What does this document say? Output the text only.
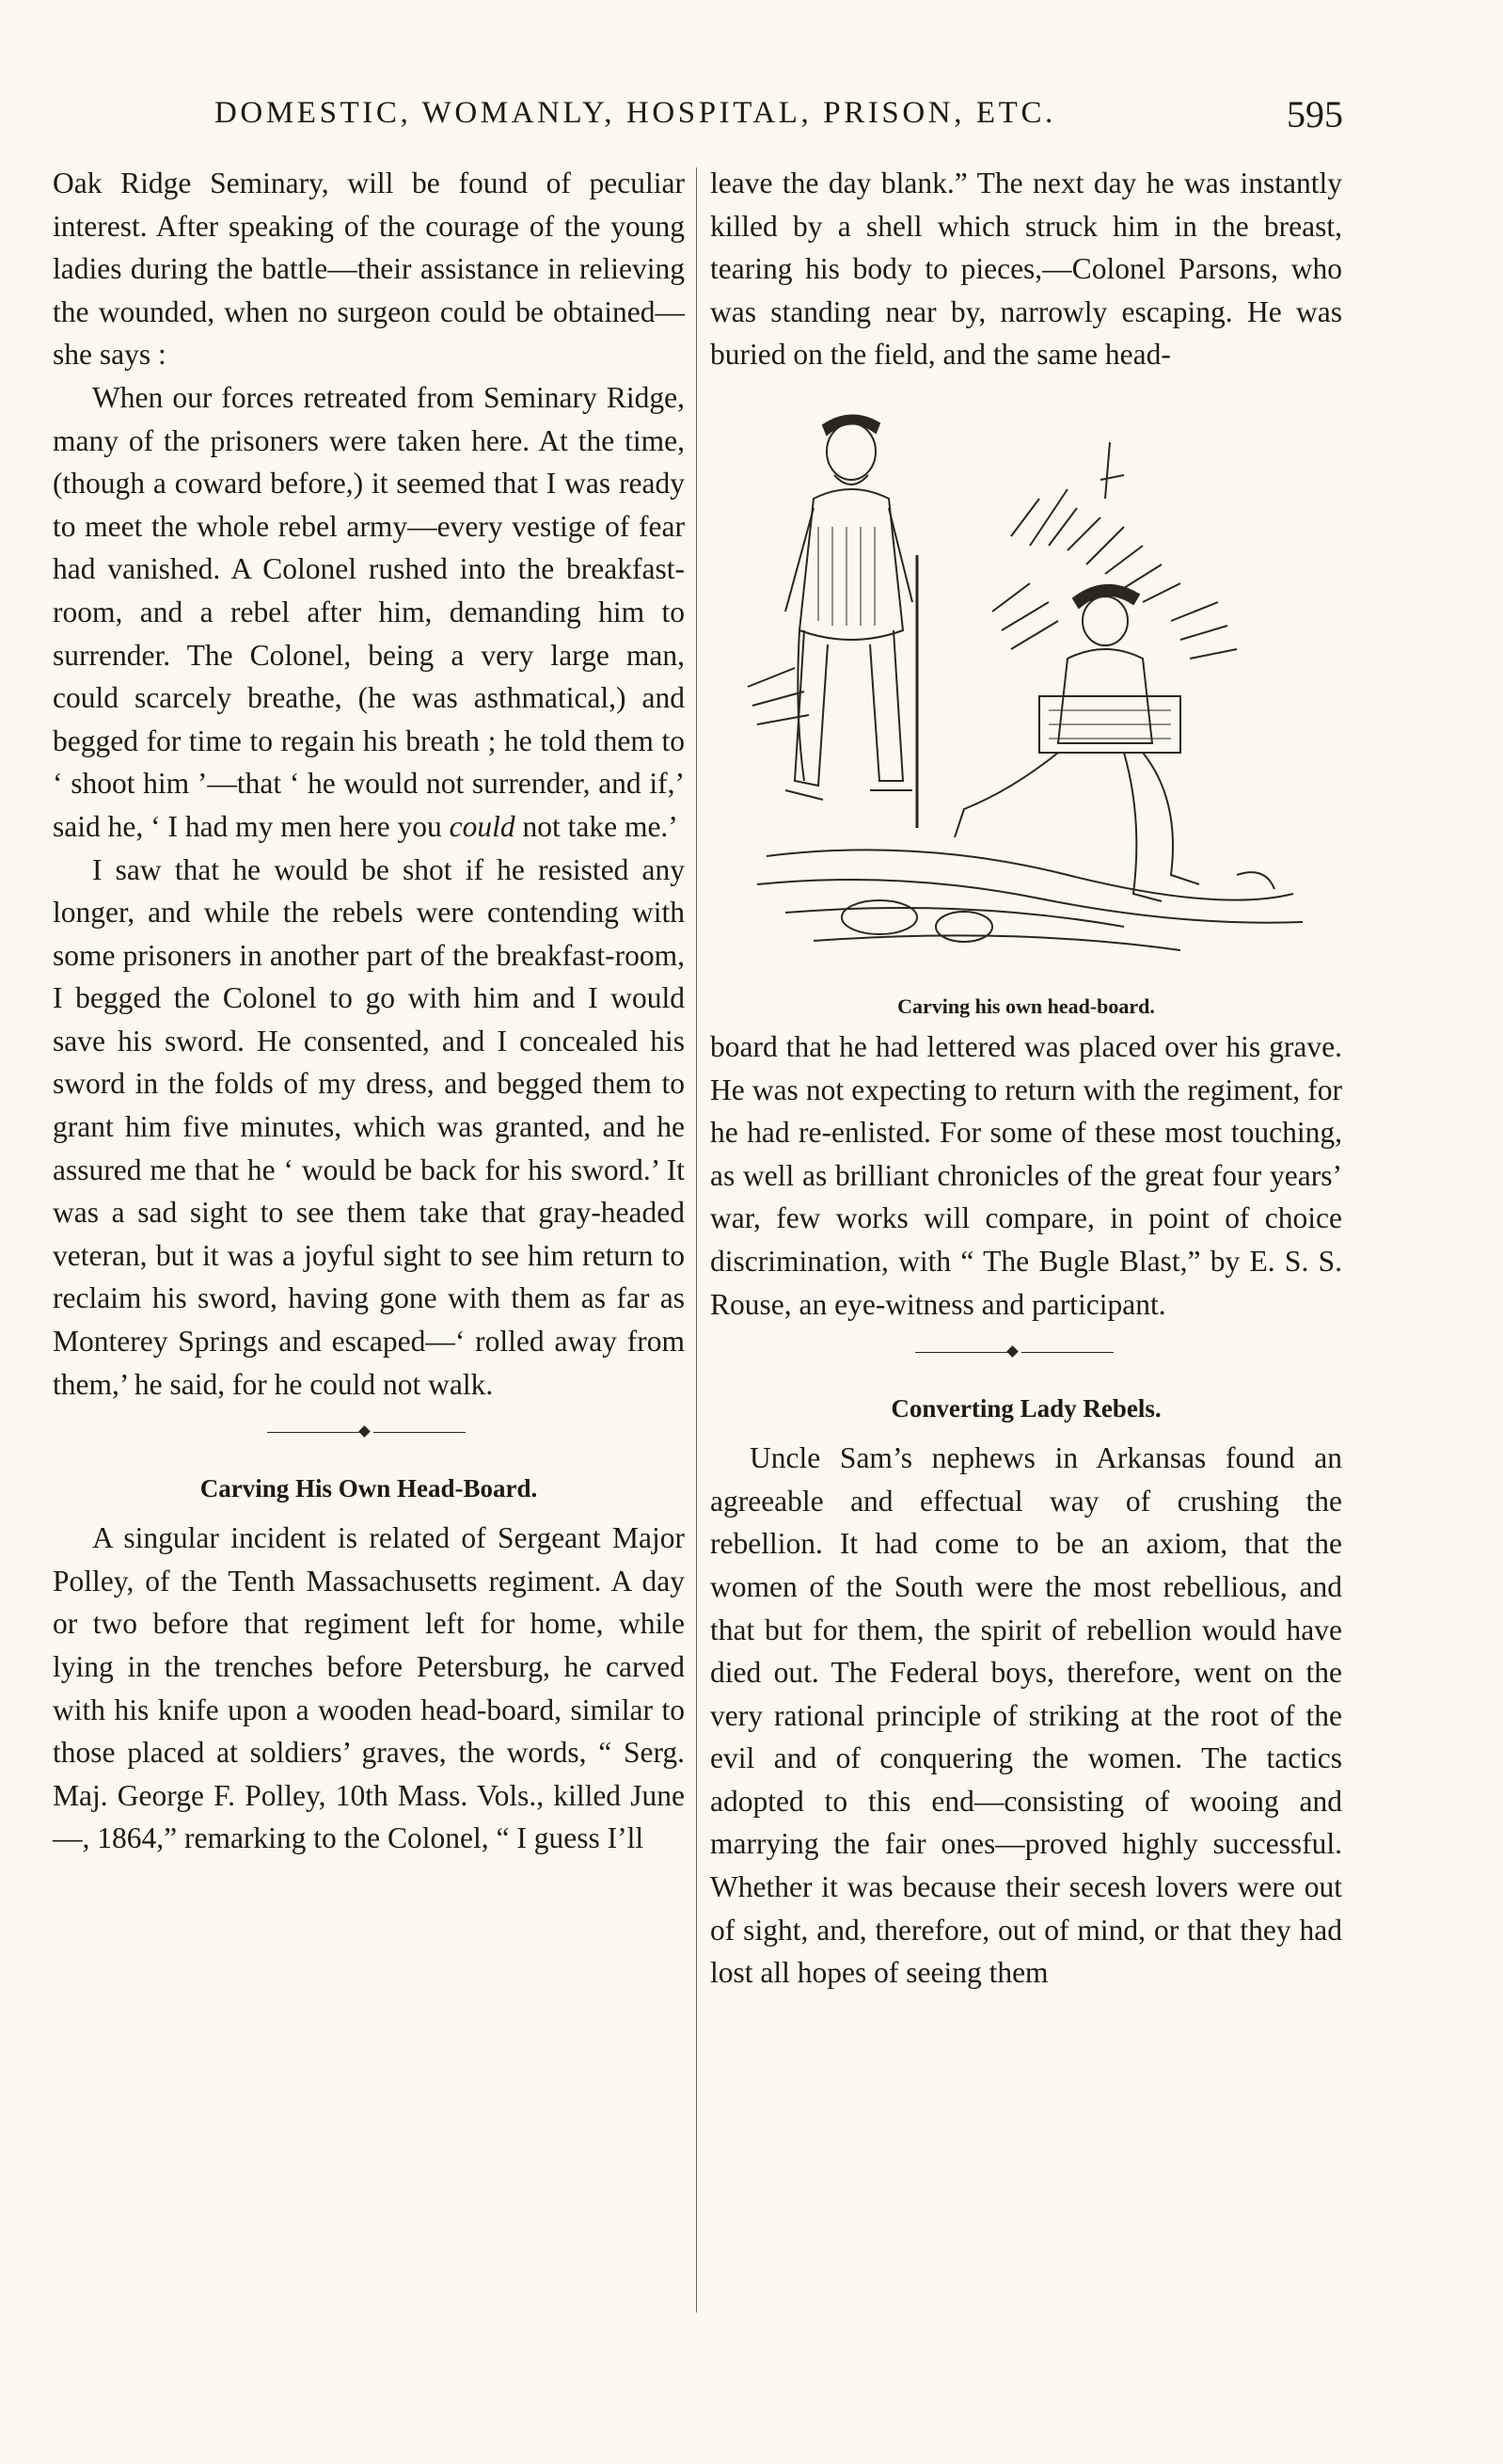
DOMESTIC, WOMANLY, HOSPITAL, PRISON, ETC.	595

Oak Ridge Seminary, will be found of peculiar interest. After speaking of the courage of the young ladies during the battle—their assistance in relieving the wounded, when no surgeon could be obtained—she says :

When our forces retreated from Seminary Ridge, many of the prisoners were taken here. At the time, (though a coward before,) it seemed that I was ready to meet the whole rebel army—every vestige of fear had vanished. A Colonel rushed into the breakfast-room, and a rebel after him, demanding him to surrender. The Colonel, being a very large man, could scarcely breathe, (he was asthmatical,) and begged for time to regain his breath ; he told them to ‘ shoot him ’—that ‘ he would not surrender, and if,’ said he, ‘ I had my men here you could not take me.’

I saw that he would be shot if he resisted any longer, and while the rebels were contending with some prisoners in another part of the breakfast-room, I begged the Colonel to go with him and I would save his sword. He consented, and I concealed his sword in the folds of my dress, and begged them to grant him five minutes, which was granted, and he assured me that he ‘ would be back for his sword.’ It was a sad sight to see them take that gray-headed veteran, but it was a joyful sight to see him return to reclaim his sword, having gone with them as far as Monterey Springs and escaped—‘ rolled away from them,’ he said, for he could not walk.

Carving His Own Head-Board.

A singular incident is related of Sergeant Major Polley, of the Tenth Massachusetts regiment. A day or two before that regiment left for home, while lying in the trenches before Petersburg, he carved with his knife upon a wooden head-board, similar to those placed at soldiers’ graves, the words, “ Serg. Maj. George F. Polley, 10th Mass. Vols., killed June —, 1864,” remarking to the Colonel, “ I guess I’ll

leave the day blank.” The next day he was instantly killed by a shell which struck him in the breast, tearing his body to pieces,—Colonel Parsons, who was standing near by, narrowly escaping. He was buried on the field, and the same head-

Carving his own head-board.

board that he had lettered was placed over his grave. He was not expecting to return with the regiment, for he had re-enlisted. For some of these most touching, as well as brilliant chronicles of the great four years’ war, few works will compare, in point of choice discrimination, with “ The Bugle Blast,” by E. S. S. Rouse, an eye-witness and participant.

Converting Lady Rebels.

Uncle Sam’s nephews in Arkansas found an agreeable and effectual way of crushing the rebellion. It had come to be an axiom, that the women of the South were the most rebellious, and that but for them, the spirit of rebellion would have died out. The Federal boys, therefore, went on the very rational principle of striking at the root of the evil and of conquering the women. The tactics adopted to this end—consisting of wooing and marrying the fair ones—proved highly successful. Whether it was because their secesh lovers were out of sight, and, therefore, out of mind, or that they had lost all hopes of seeing them
